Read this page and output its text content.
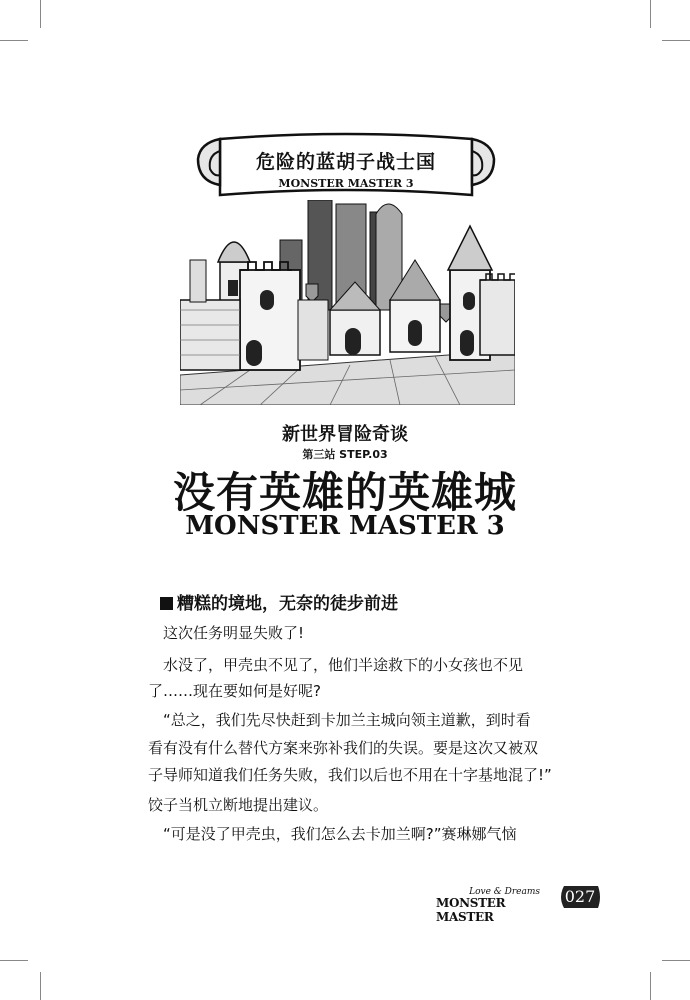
危险的蓝胡子战士国
MONSTER MASTER 3
新世界冒险奇谈
第三站 STEP.03
没有英雄的英雄城
MONSTER MASTER 3
糟糕的境地，无奈的徒步前进
这次任务明显失败了!
水没了，甲壳虫不见了，他们半途救下的小女孩也不见
了……现在要如何是好呢?
“总之，我们先尽快赶到卡加兰主城向领主道歉，到时看
看有没有什么替代方案来弥补我们的失误。要是这次又被双
子导师知道我们任务失败，我们以后也不用在十字基地混了!”
饺子当机立断地提出建议。
“可是没了甲壳虫，我们怎么去卡加兰啊?”赛琳娜气恼
Love & Dreams
MONSTER MASTER
027
